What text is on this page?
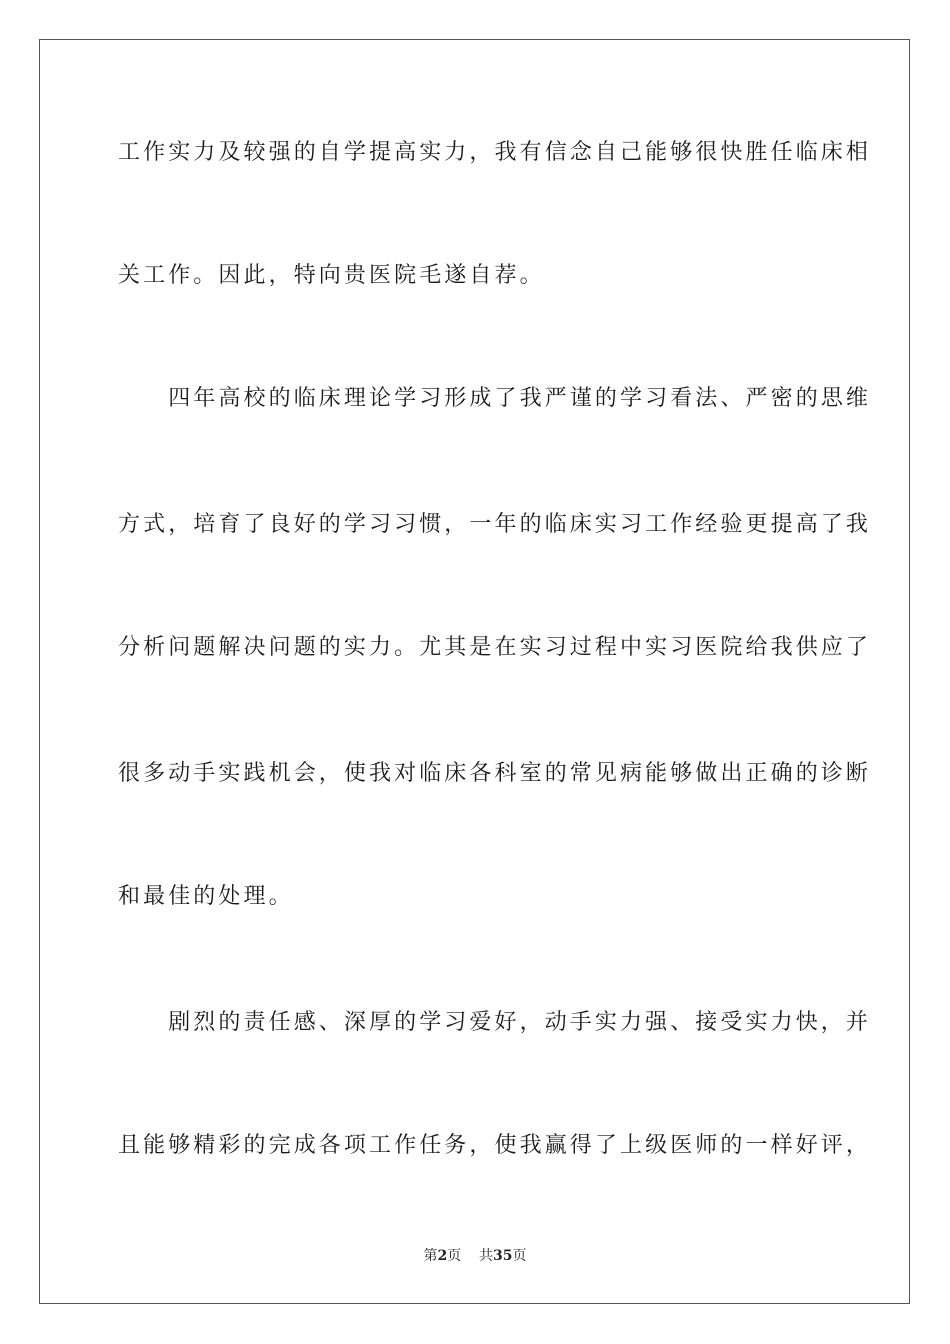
工作实力及较强的自学提高实力，我有信念自己能够很快胜任临床相
关工作。因此，特向贵医院毛遂自荐。
　　四年高校的临床理论学习形成了我严谨的学习看法、严密的思维
方式，培育了良好的学习习惯，一年的临床实习工作经验更提高了我
分析问题解决问题的实力。尤其是在实习过程中实习医院给我供应了
很多动手实践机会，使我对临床各科室的常见病能够做出正确的诊断
和最佳的处理。
　　剧烈的责任感、深厚的学习爱好，动手实力强、接受实力快，并
且能够精彩的完成各项工作任务，使我赢得了上级医师的一样好评，
第2页 共35页
